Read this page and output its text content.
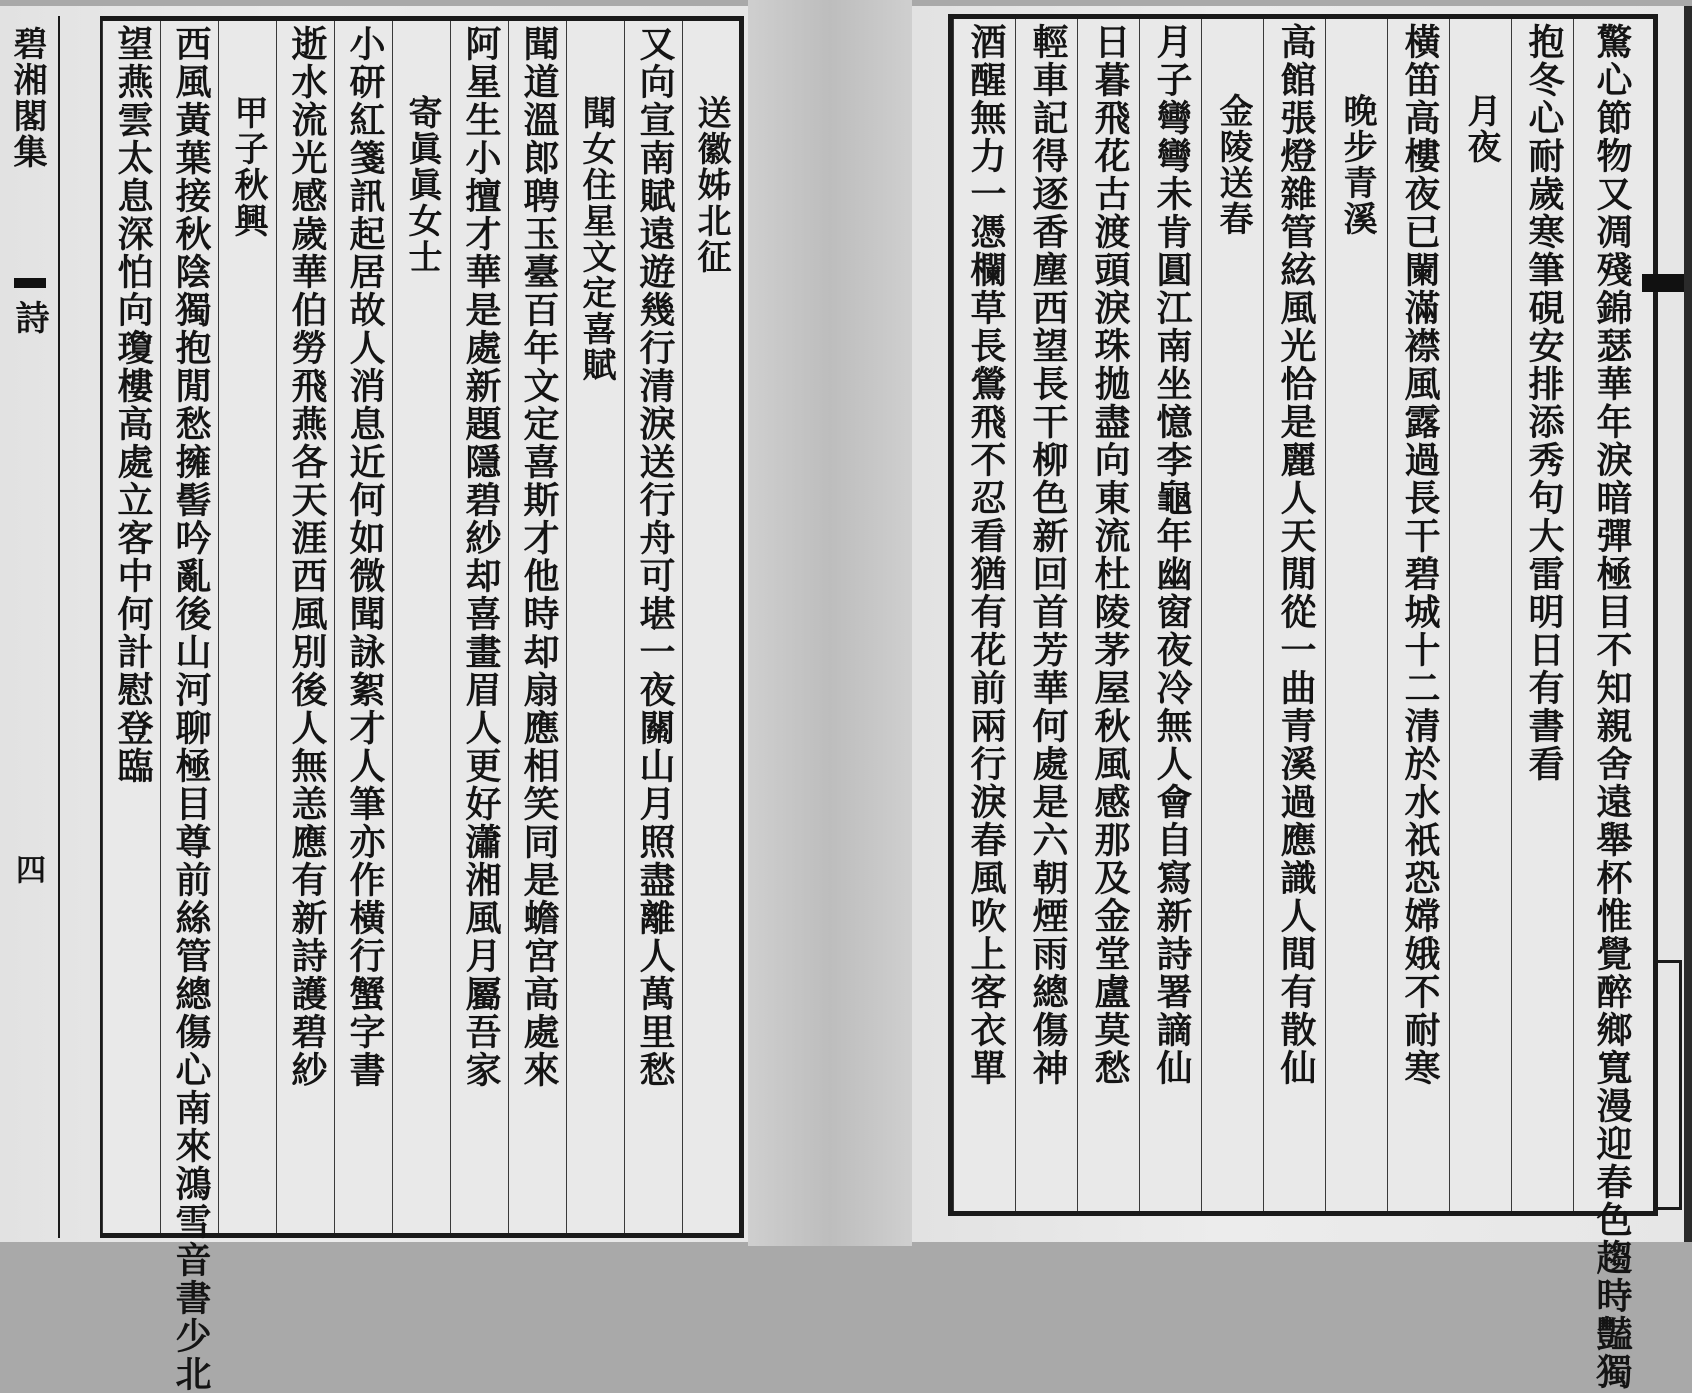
碧湘閣集
詩
四
望燕雲太息深怕向瓊樓高處立客中何計慰登臨 西風黃葉接秋陰獨抱閒愁擁髻吟亂後山河聊極目尊前絲管總傷心南來鴻雪音書少北 甲子秋興 逝水流光感歲華伯勞飛燕各天涯西風別後人無恙應有新詩護碧紗 小研紅箋訊起居故人消息近何如微聞詠絮才人筆亦作橫行蟹字書 寄眞眞女士 阿星生小擅才華是處新題隱碧紗却喜畫眉人更好瀟湘風月屬吾家 聞道溫郎聘玉臺百年文定喜斯才他時却扇應相笑同是蟾宮高處來 聞女住星文定喜賦 又向宣南賦遠遊幾行清淚送行舟可堪一夜關山月照盡離人萬里愁 送徽姊北征	酒醒無力一憑欄草長鶯飛不忍看猶有花前兩行淚春風吹上客衣單 輕車記得逐香塵西望長干柳色新回首芳華何處是六朝煙雨總傷神 日暮飛花古渡頭淚珠拋盡向東流杜陵茅屋秋風感那及金堂盧莫愁 月子彎彎未肯圓江南坐憶李龜年幽窗夜冷無人會自寫新詩署謫仙 金陵送春 高館張燈雜管絃風光恰是麗人天閒從一曲青溪過應識人間有散仙 晚步青溪 橫笛高樓夜已闌滿襟風露過長干碧城十二清於水祇恐嫦娥不耐寒 月夜 抱冬心耐歲寒筆硯安排添秀句大雷明日有書看 驚心節物又凋殘錦瑟華年淚暗彈極目不知親舍遠舉杯惟覺醉鄉寬漫迎春色趨時豔獨
